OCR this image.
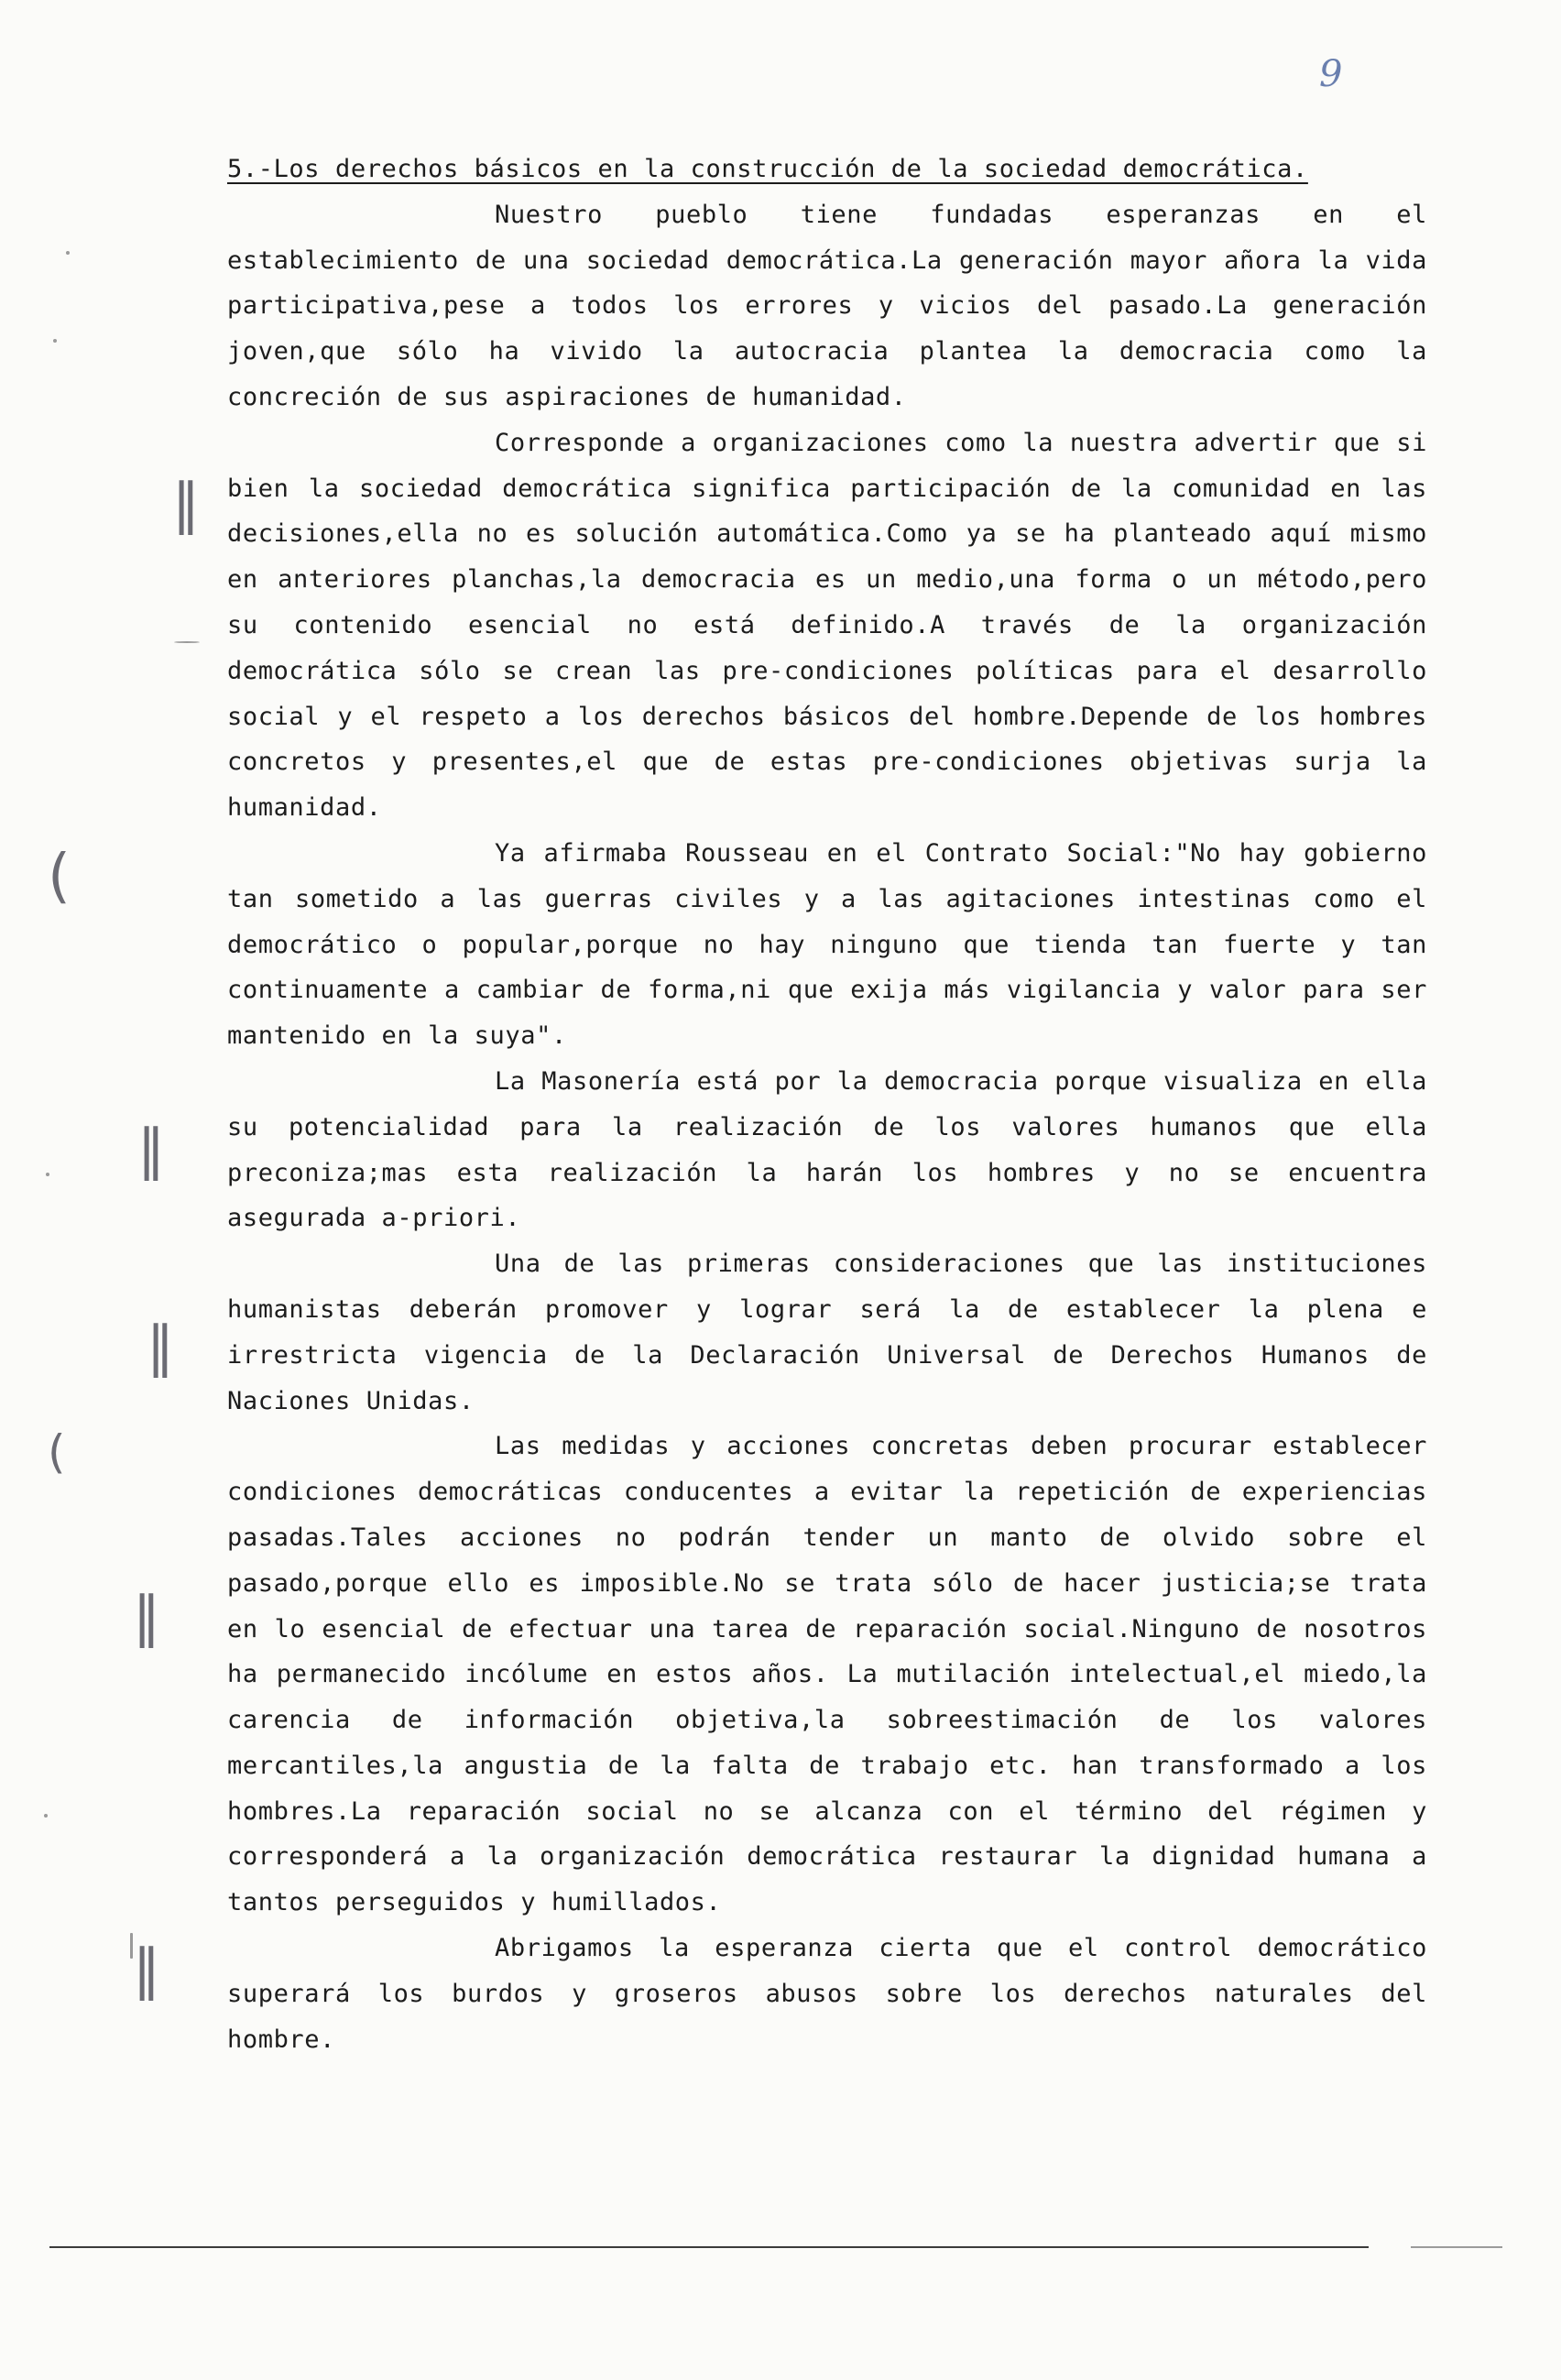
9

5.-Los derechos básicos en la construcción de la sociedad democrática.

Nuestro pueblo tiene fundadas esperanzas en el establecimiento de una sociedad democrática.La generación mayor añora la vida participativa,pese a todos los errores y vicios del pasado.La generación joven,que sólo ha vivido la autocracia plantea la democracia como la concreción de sus aspiraciones de humanidad.

Corresponde a organizaciones como la nuestra advertir que si bien la sociedad democrática significa participación de la comunidad en las decisiones,ella no es solución automática.Como ya se ha planteado aquí mismo en anteriores planchas,la democracia es un medio,una forma o un método,pero su contenido esencial no está definido.A través de la organización democrática sólo se crean las pre-condiciones políticas para el desarrollo social y el respeto a los derechos básicos del hombre.Depende de los hombres concretos y presentes,el que de estas pre-condiciones objetivas surja la humanidad.

Ya afirmaba Rousseau en el Contrato Social:"No hay gobierno tan sometido a las guerras civiles y a las agitaciones intestinas como el democrático o popular,porque no hay ninguno que tienda tan fuerte y tan continuamente a cambiar de forma,ni que exija más vigilancia y valor para ser mantenido en la suya".

La Masonería está por la democracia porque visualiza en ella su potencialidad para la realización de los valores humanos que ella preconiza;mas esta realización la harán los hombres y no se encuentra asegurada a-priori.

Una de las primeras consideraciones que las instituciones humanistas deberán promover y lograr será la de establecer la plena e irrestricta vigencia de la Declaración Universal de Derechos Humanos de Naciones Unidas.

Las medidas y acciones concretas deben procurar establecer condiciones democráticas conducentes a evitar la repetición de experiencias pasadas.Tales acciones no podrán tender un manto de olvido sobre el pasado,porque ello es imposible.No se trata sólo de hacer justicia;se trata en lo esencial de efectuar una tarea de reparación social.Ninguno de nosotros ha permanecido incólume en estos años. La mutilación intelectual,el miedo,la carencia de información objetiva,la sobreestimación de los valores mercantiles,la angustia de la falta de trabajo etc. han transformado a los hombres.La reparación social no se alcanza con el término del régimen y corresponderá a la organización democrática restaurar la dignidad humana a tantos perseguidos y humillados.

Abrigamos la esperanza cierta que el control democrático superará los burdos y groseros abusos sobre los derechos naturales del hombre.

‖
‖
‖
‖
‖
(
(
